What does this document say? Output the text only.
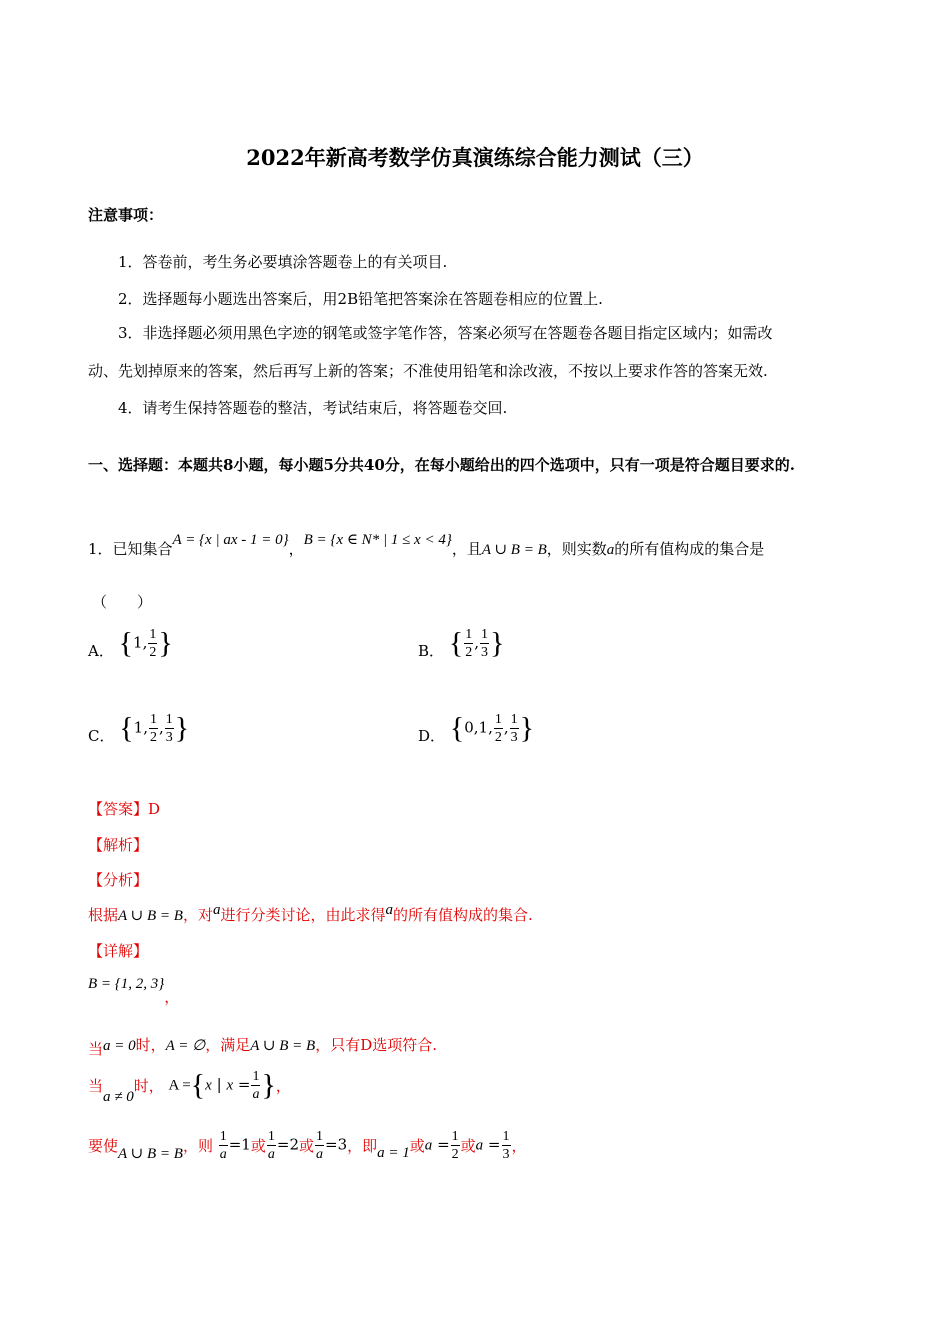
2022年新高考数学仿真演练综合能力测试（三）
注意事项：
1．答卷前，考生务必要填涂答题卷上的有关项目.
2．选择题每小题选出答案后，用2B铅笔把答案涂在答题卷相应的位置上.
3．非选择题必须用黑色字迹的钢笔或签字笔作答，答案必须写在答题卷各题目指定区域内；如需改
动、先划掉原来的答案，然后再写上新的答案；不准使用铅笔和涂改液，不按以上要求作答的答案无效.
4．请考生保持答题卷的整洁，考试结束后，将答题卷交回.
一、选择题：本题共8小题，每小题5分共40分，在每小题给出的四个选项中，只有一项是符合题目要求的.
1．已知集合A = {x | ax - 1 = 0}，B = {x ∈ N* | 1 ≤ x < 4}，且A ∪ B = B，则实数a的所有值构成的集合是
（　　）
A． {1, $\frac{1}{2}$ }	B． { $\frac{1}{2}$ , $\frac{1}{3}$ }
C． {1, $\frac{1}{2}$ , $\frac{1}{3}$ }	D． {0,1, $\frac{1}{2}$ , $\frac{1}{3}$ }
【答案】D
【解析】
【分析】
根据A ∪ B = B，对a进行分类讨论，由此求得a的所有值构成的集合.
【详解】
B = {1, 2, 3}，
当a = 0时，A = ∅，满足A ∪ B = B，只有D选项符合.
当a ≠ 0时， A ={x | $x = \frac{1}{a}$ }，
要使A ∪ B = B，则 $\frac{1}{a} =1$或 $\frac{1}{a} =2$或 $\frac{1}{a} =3$，即a = 1或$a = \frac{1}{2}$ 或$a = \frac{1}{3}$ ，
